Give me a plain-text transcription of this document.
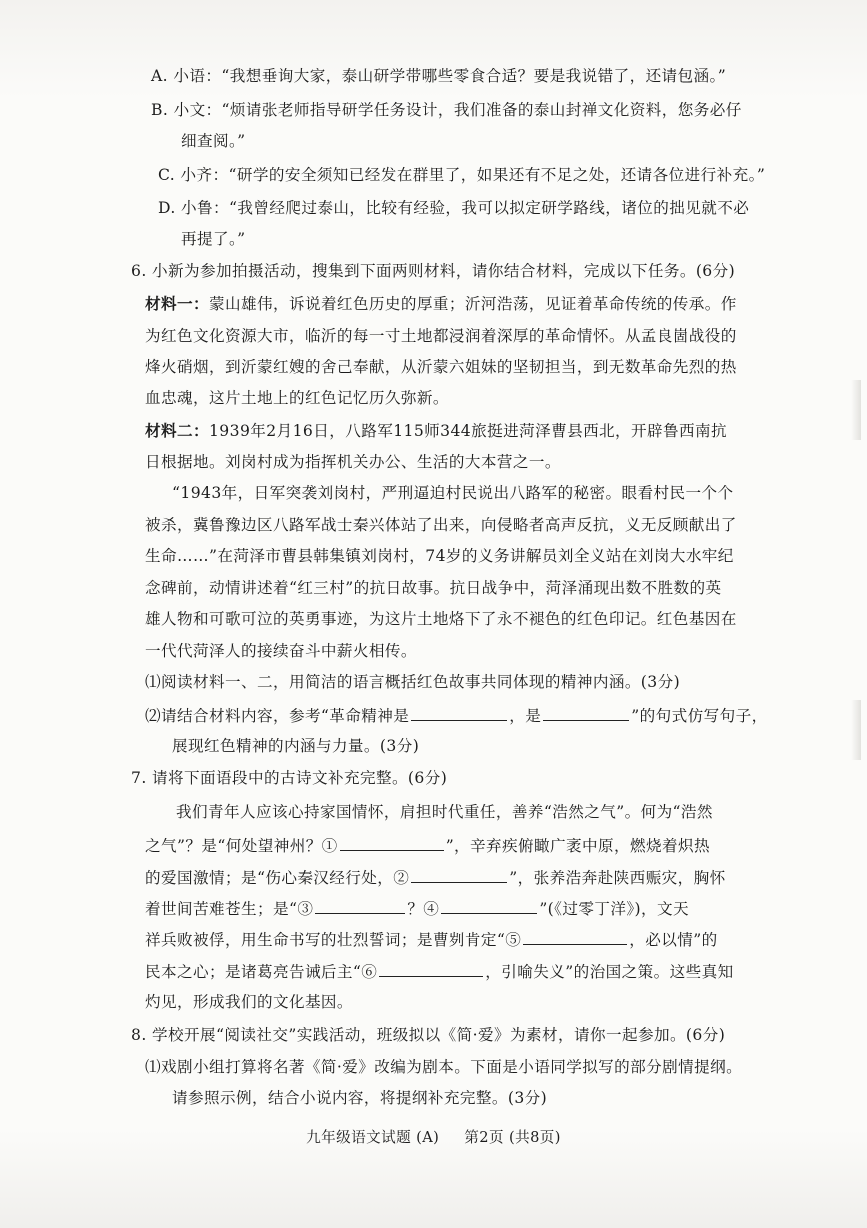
A. 小语：“我想垂询大家，泰山研学带哪些零食合适？要是我说错了，还请包涵。”
B. 小文：“烦请张老师指导研学任务设计，我们准备的泰山封禅文化资料，您务必仔
细查阅。”
C. 小齐：“研学的安全须知已经发在群里了，如果还有不足之处，还请各位进行补充。”
D. 小鲁：“我曾经爬过泰山，比较有经验，我可以拟定研学路线，诸位的拙见就不必
再提了。”
6. 小新为参加拍摄活动，搜集到下面两则材料，请你结合材料，完成以下任务。(6分)
材料一：蒙山雄伟，诉说着红色历史的厚重；沂河浩荡，见证着革命传统的传承。作
为红色文化资源大市，临沂的每一寸土地都浸润着深厚的革命情怀。从孟良崮战役的
烽火硝烟，到沂蒙红嫂的舍己奉献，从沂蒙六姐妹的坚韧担当，到无数革命先烈的热
血忠魂，这片土地上的红色记忆历久弥新。
材料二：1939年2月16日，八路军115师344旅挺进菏泽曹县西北，开辟鲁西南抗
日根据地。刘岗村成为指挥机关办公、生活的大本营之一。
“1943年，日军突袭刘岗村，严刑逼迫村民说出八路军的秘密。眼看村民一个个
被杀，冀鲁豫边区八路军战士秦兴体站了出来，向侵略者高声反抗，义无反顾献出了
生命……”在菏泽市曹县韩集镇刘岗村，74岁的义务讲解员刘全义站在刘岗大水牢纪
念碑前，动情讲述着“红三村”的抗日故事。抗日战争中，菏泽涌现出数不胜数的英
雄人物和可歌可泣的英勇事迹，为这片土地烙下了永不褪色的红色印记。红色基因在
一代代菏泽人的接续奋斗中薪火相传。
⑴阅读材料一、二，用简洁的语言概括红色故事共同体现的精神内涵。(3分)
⑵请结合材料内容，参考“革命精神是	，是	”的句式仿写句子，
展现红色精神的内涵与力量。(3分)
7. 请将下面语段中的古诗文补充完整。(6分)
我们青年人应该心持家国情怀，肩担时代重任，善养“浩然之气”。何为“浩然
之气”？是“何处望神州？①	”，辛弃疾俯瞰广袤中原，燃烧着炽热
的爱国激情；是“伤心秦汉经行处，②	”，张养浩奔赴陕西赈灾，胸怀
着世间苦难苍生；是“③	？④	”(《过零丁洋》)，文天
祥兵败被俘，用生命书写的壮烈誓词；是曹刿肯定“⑤	，必以情”的
民本之心；是诸葛亮告诫后主“⑥	，引喻失义”的治国之策。这些真知
灼见，形成我们的文化基因。
8. 学校开展“阅读社交”实践活动，班级拟以《简·爱》为素材，请你一起参加。(6分)
⑴戏剧小组打算将名著《简·爱》改编为剧本。下面是小语同学拟写的部分剧情提纲。
请参照示例，结合小说内容，将提纲补充完整。(3分)
九年级语文试题 (A) 第2页 (共8页)
